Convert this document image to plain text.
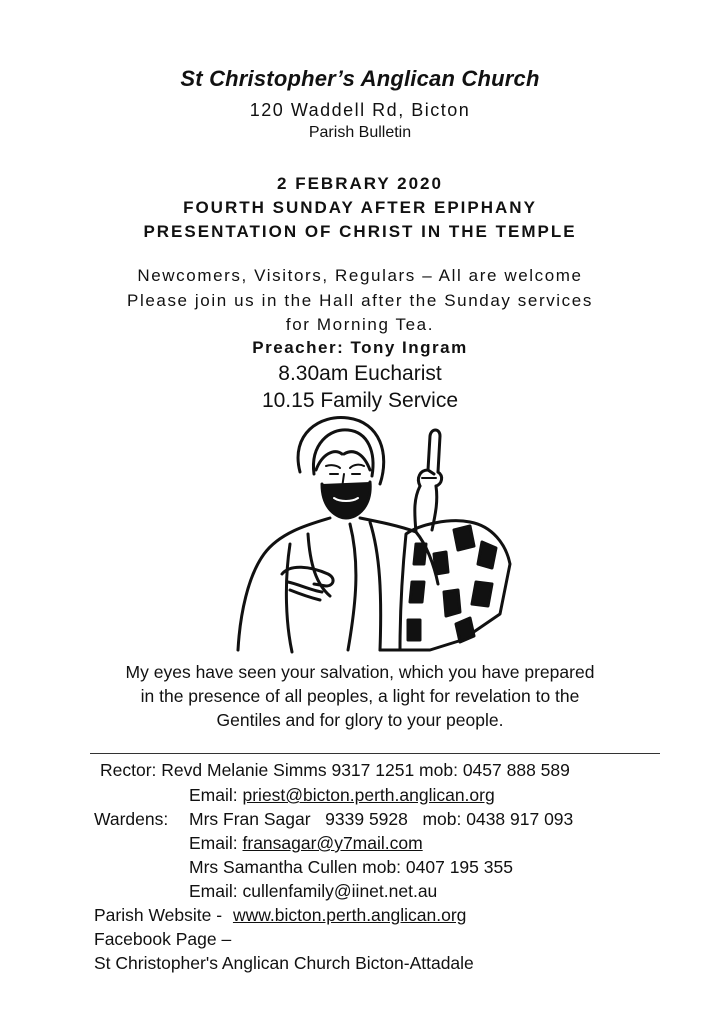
St Christopher’s Anglican Church
120 Waddell Rd, Bicton
Parish Bulletin
2 FEBRARY 2020
FOURTH SUNDAY AFTER EPIPHANY
PRESENTATION OF CHRIST IN THE TEMPLE
Newcomers, Visitors, Regulars – All are welcome
Please join us in the Hall after the Sunday services
for Morning Tea.
Preacher: Tony Ingram
8.30am Eucharist
10.15 Family Service
My eyes have seen your salvation, which you have prepared
in the presence of all peoples, a light for revelation to the
Gentiles and for glory to your people.
Rector: Revd Melanie Simms 9317 1251 mob: 0457 888 589
Email: priest@bicton.perth.anglican.org
Wardens: Mrs Fran Sagar   9339 5928   mob: 0438 917 093
Email: fransagar@y7mail.com
Mrs Samantha Cullen mob: 0407 195 355
Email: cullenfamily@iinet.net.au
Parish Website - www.bicton.perth.anglican.org
Facebook Page –
St Christopher's Anglican Church Bicton-Attadale
